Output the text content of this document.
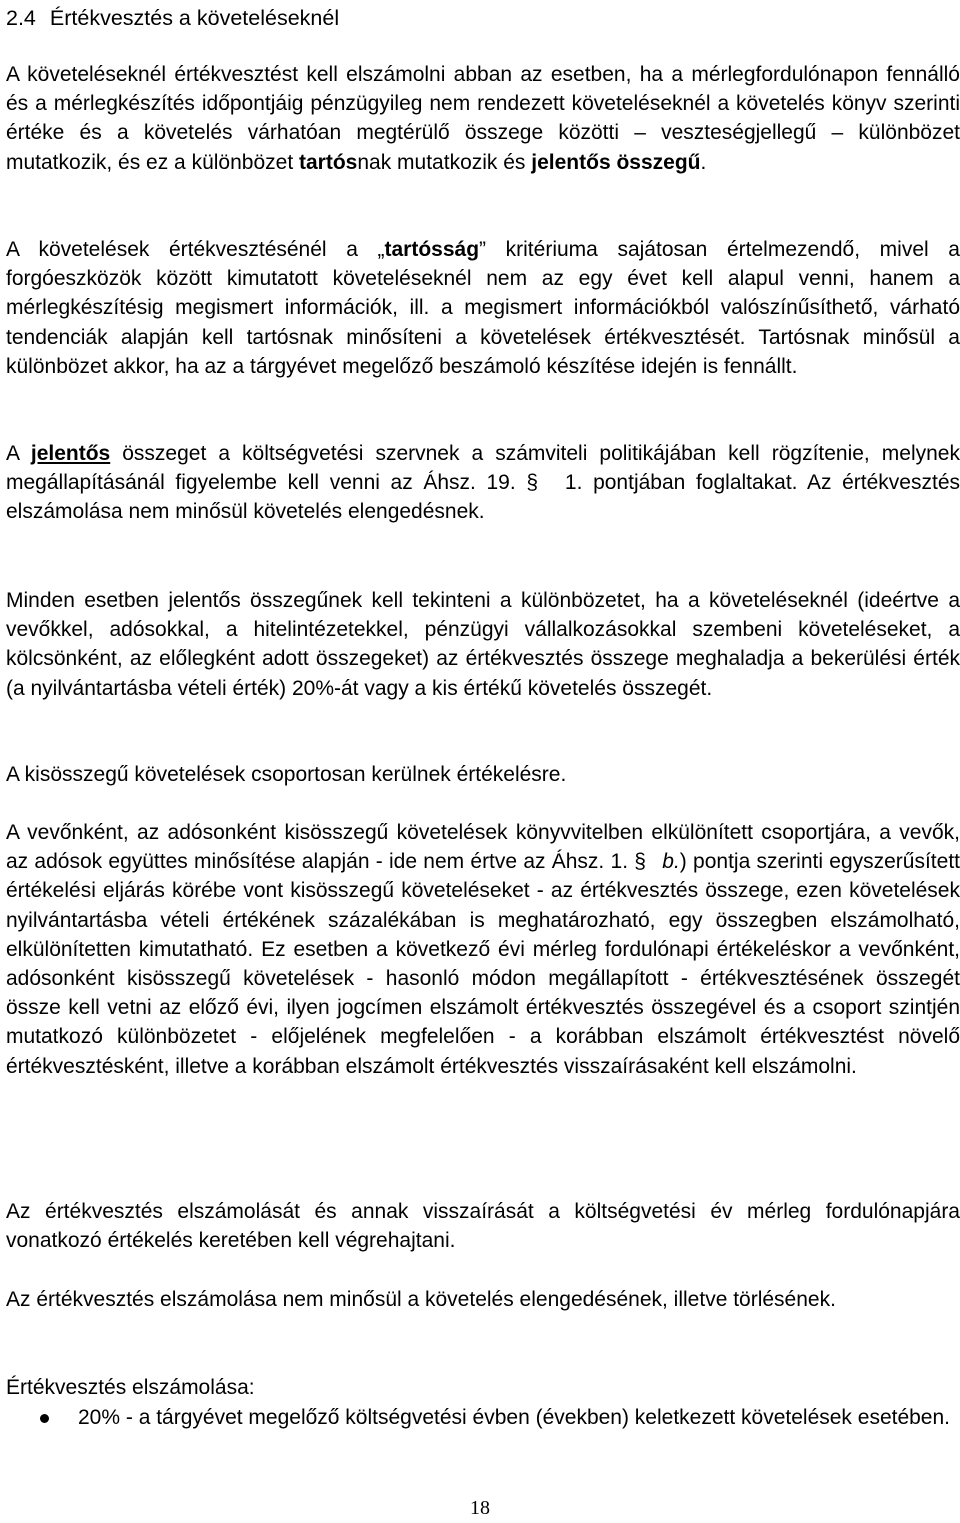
2.4 Értékvesztés a követeléseknél
A követeléseknél értékvesztést kell elszámolni abban az esetben, ha a mérlegfordulónapon fennálló és a mérlegkészítés időpontjáig pénzügyileg nem rendezett követeléseknél a követelés könyv szerinti értéke és a követelés várhatóan megtérülő összege közötti – veszteségjellegű – különbözet mutatkozik, és ez a különbözet tartósnak mutatkozik és jelentős összegű.
A követelések értékvesztésénél a „tartósság” kritériuma sajátosan értelmezendő, mivel a forgóeszközök között kimutatott követeléseknél nem az egy évet kell alapul venni, hanem a mérlegkészítésig megismert információk, ill. a megismert információkból valószínűsíthető, várható tendenciák alapján kell tartósnak minősíteni a követelések értékvesztését. Tartósnak minősül a különbözet akkor, ha az a tárgyévet megelőző beszámoló készítése idején is fennállt.
A jelentős összeget a költségvetési szervnek a számviteli politikájában kell rögzítenie, melynek megállapításánál figyelembe kell venni az Áhsz. 19. § 1. pontjában foglaltakat. Az értékvesztés elszámolása nem minősül követelés elengedésnek.
Minden esetben jelentős összegűnek kell tekinteni a különbözetet, ha a követeléseknél (ideértve a vevőkkel, adósokkal, a hitelintézetekkel, pénzügyi vállalkozásokkal szembeni követeléseket, a kölcsönként, az előlegként adott összegeket) az értékvesztés összege meghaladja a bekerülési érték (a nyilvántartásba vételi érték) 20%-át vagy a kis értékű követelés összegét.
A kisösszegű követelések csoportosan kerülnek értékelésre.
A vevőnként, az adósonként kisösszegű követelések könyvvitelben elkülönített csoportjára, a vevők, az adósok együttes minősítése alapján - ide nem értve az Áhsz. 1. § b.) pontja szerinti egyszerűsített értékelési eljárás körébe vont kisösszegű követeléseket - az értékvesztés összege, ezen követelések nyilvántartásba vételi értékének százalékában is meghatározható, egy összegben elszámolható, elkülönítetten kimutatható. Ez esetben a következő évi mérleg fordulónapi értékeléskor a vevőnként, adósonként kisösszegű követelések - hasonló módon megállapított - értékvesztésének összegét össze kell vetni az előző évi, ilyen jogcímen elszámolt értékvesztés összegével és a csoport szintjén mutatkozó különbözetet - előjelének megfelelően - a korábban elszámolt értékvesztést növelő értékvesztésként, illetve a korábban elszámolt értékvesztés visszaírásaként kell elszámolni.
Az értékvesztés elszámolását és annak visszaírását a költségvetési év mérleg fordulónapjára vonatkozó értékelés keretében kell végrehajtani.
Az értékvesztés elszámolása nem minősül a követelés elengedésének, illetve törlésének.
Értékvesztés elszámolása:
20% - a tárgyévet megelőző költségvetési évben (években) keletkezett követelések esetében.
18
